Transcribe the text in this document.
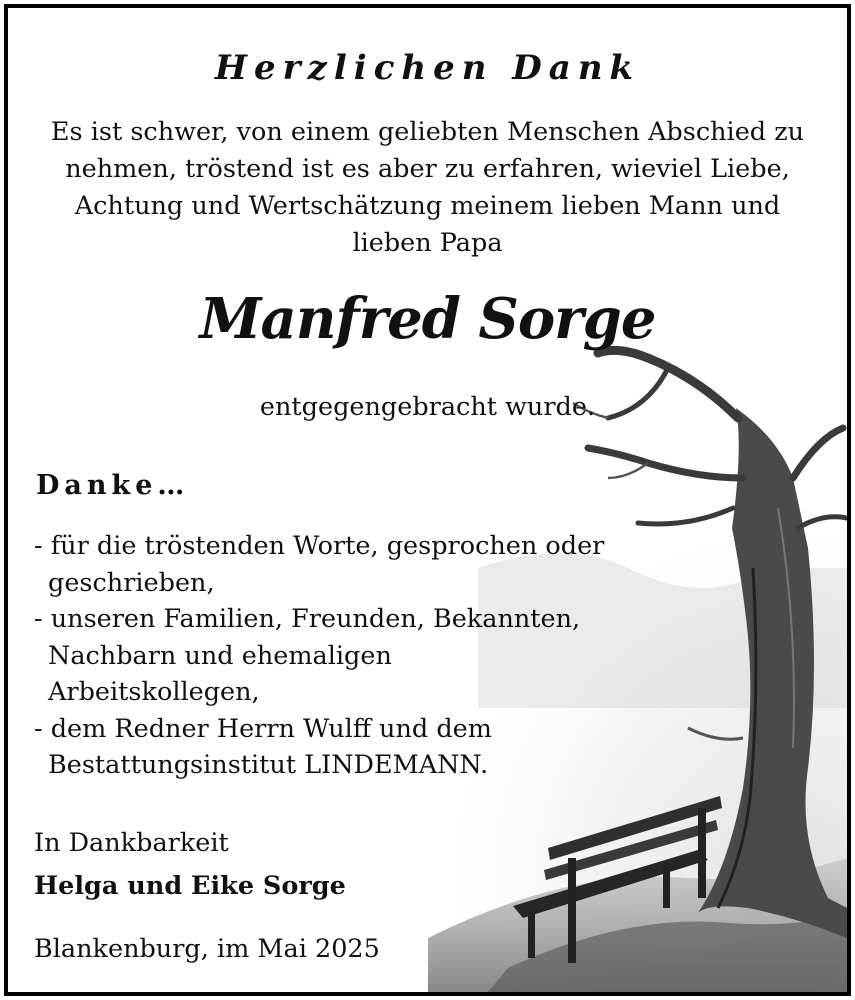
Herzlichen Dank
Es ist schwer, von einem geliebten Menschen Abschied zu
nehmen, tröstend ist es aber zu erfahren, wieviel Liebe,
Achtung und Wertschätzung meinem lieben Mann und
lieben Papa
Manfred Sorge
entgegengebracht wurde.
Danke…
- für die tröstenden Worte, gesprochen oder geschrieben,
- unseren Familien, Freunden, Bekannten, Nachbarn und ehemaligen Arbeitskollegen,
- dem Redner Herrn Wulff und dem Bestattungsinstitut LINDEMANN.
In Dankbarkeit
Helga und Eike Sorge
Blankenburg, im Mai 2025
